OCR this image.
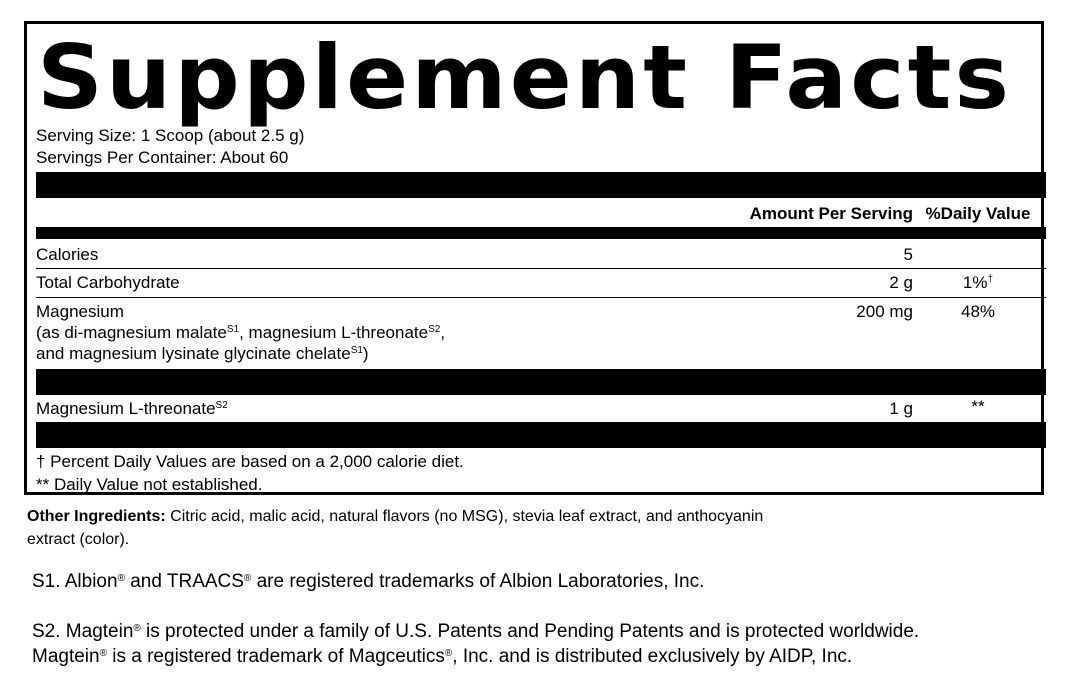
Supplement Facts
Serving Size: 1 Scoop (about 2.5 g)
Servings Per Container: About 60
Amount Per Serving %Daily Value
Calories	5
Total Carbohydrate	2 g	1%†
Magnesium	200 mg	48%
(as di-magnesium malate$^{S1}$, magnesium L-threonate$^{S2}$,
and magnesium lysinate glycinate chelate$^{S1}$)
Magnesium L-threonate$^{S2}$	1 g	**
† Percent Daily Values are based on a 2,000 calorie diet.
** Daily Value not established.
Other Ingredients: Citric acid, malic acid, natural flavors (no MSG), stevia leaf extract, and anthocyanin
extract (color).
S1. Albion® and TRAACS® are registered trademarks of Albion Laboratories, Inc.
S2. Magtein® is protected under a family of U.S. Patents and Pending Patents and is protected worldwide.
Magtein® is a registered trademark of Magceutics®, Inc. and is distributed exclusively by AIDP, Inc.
